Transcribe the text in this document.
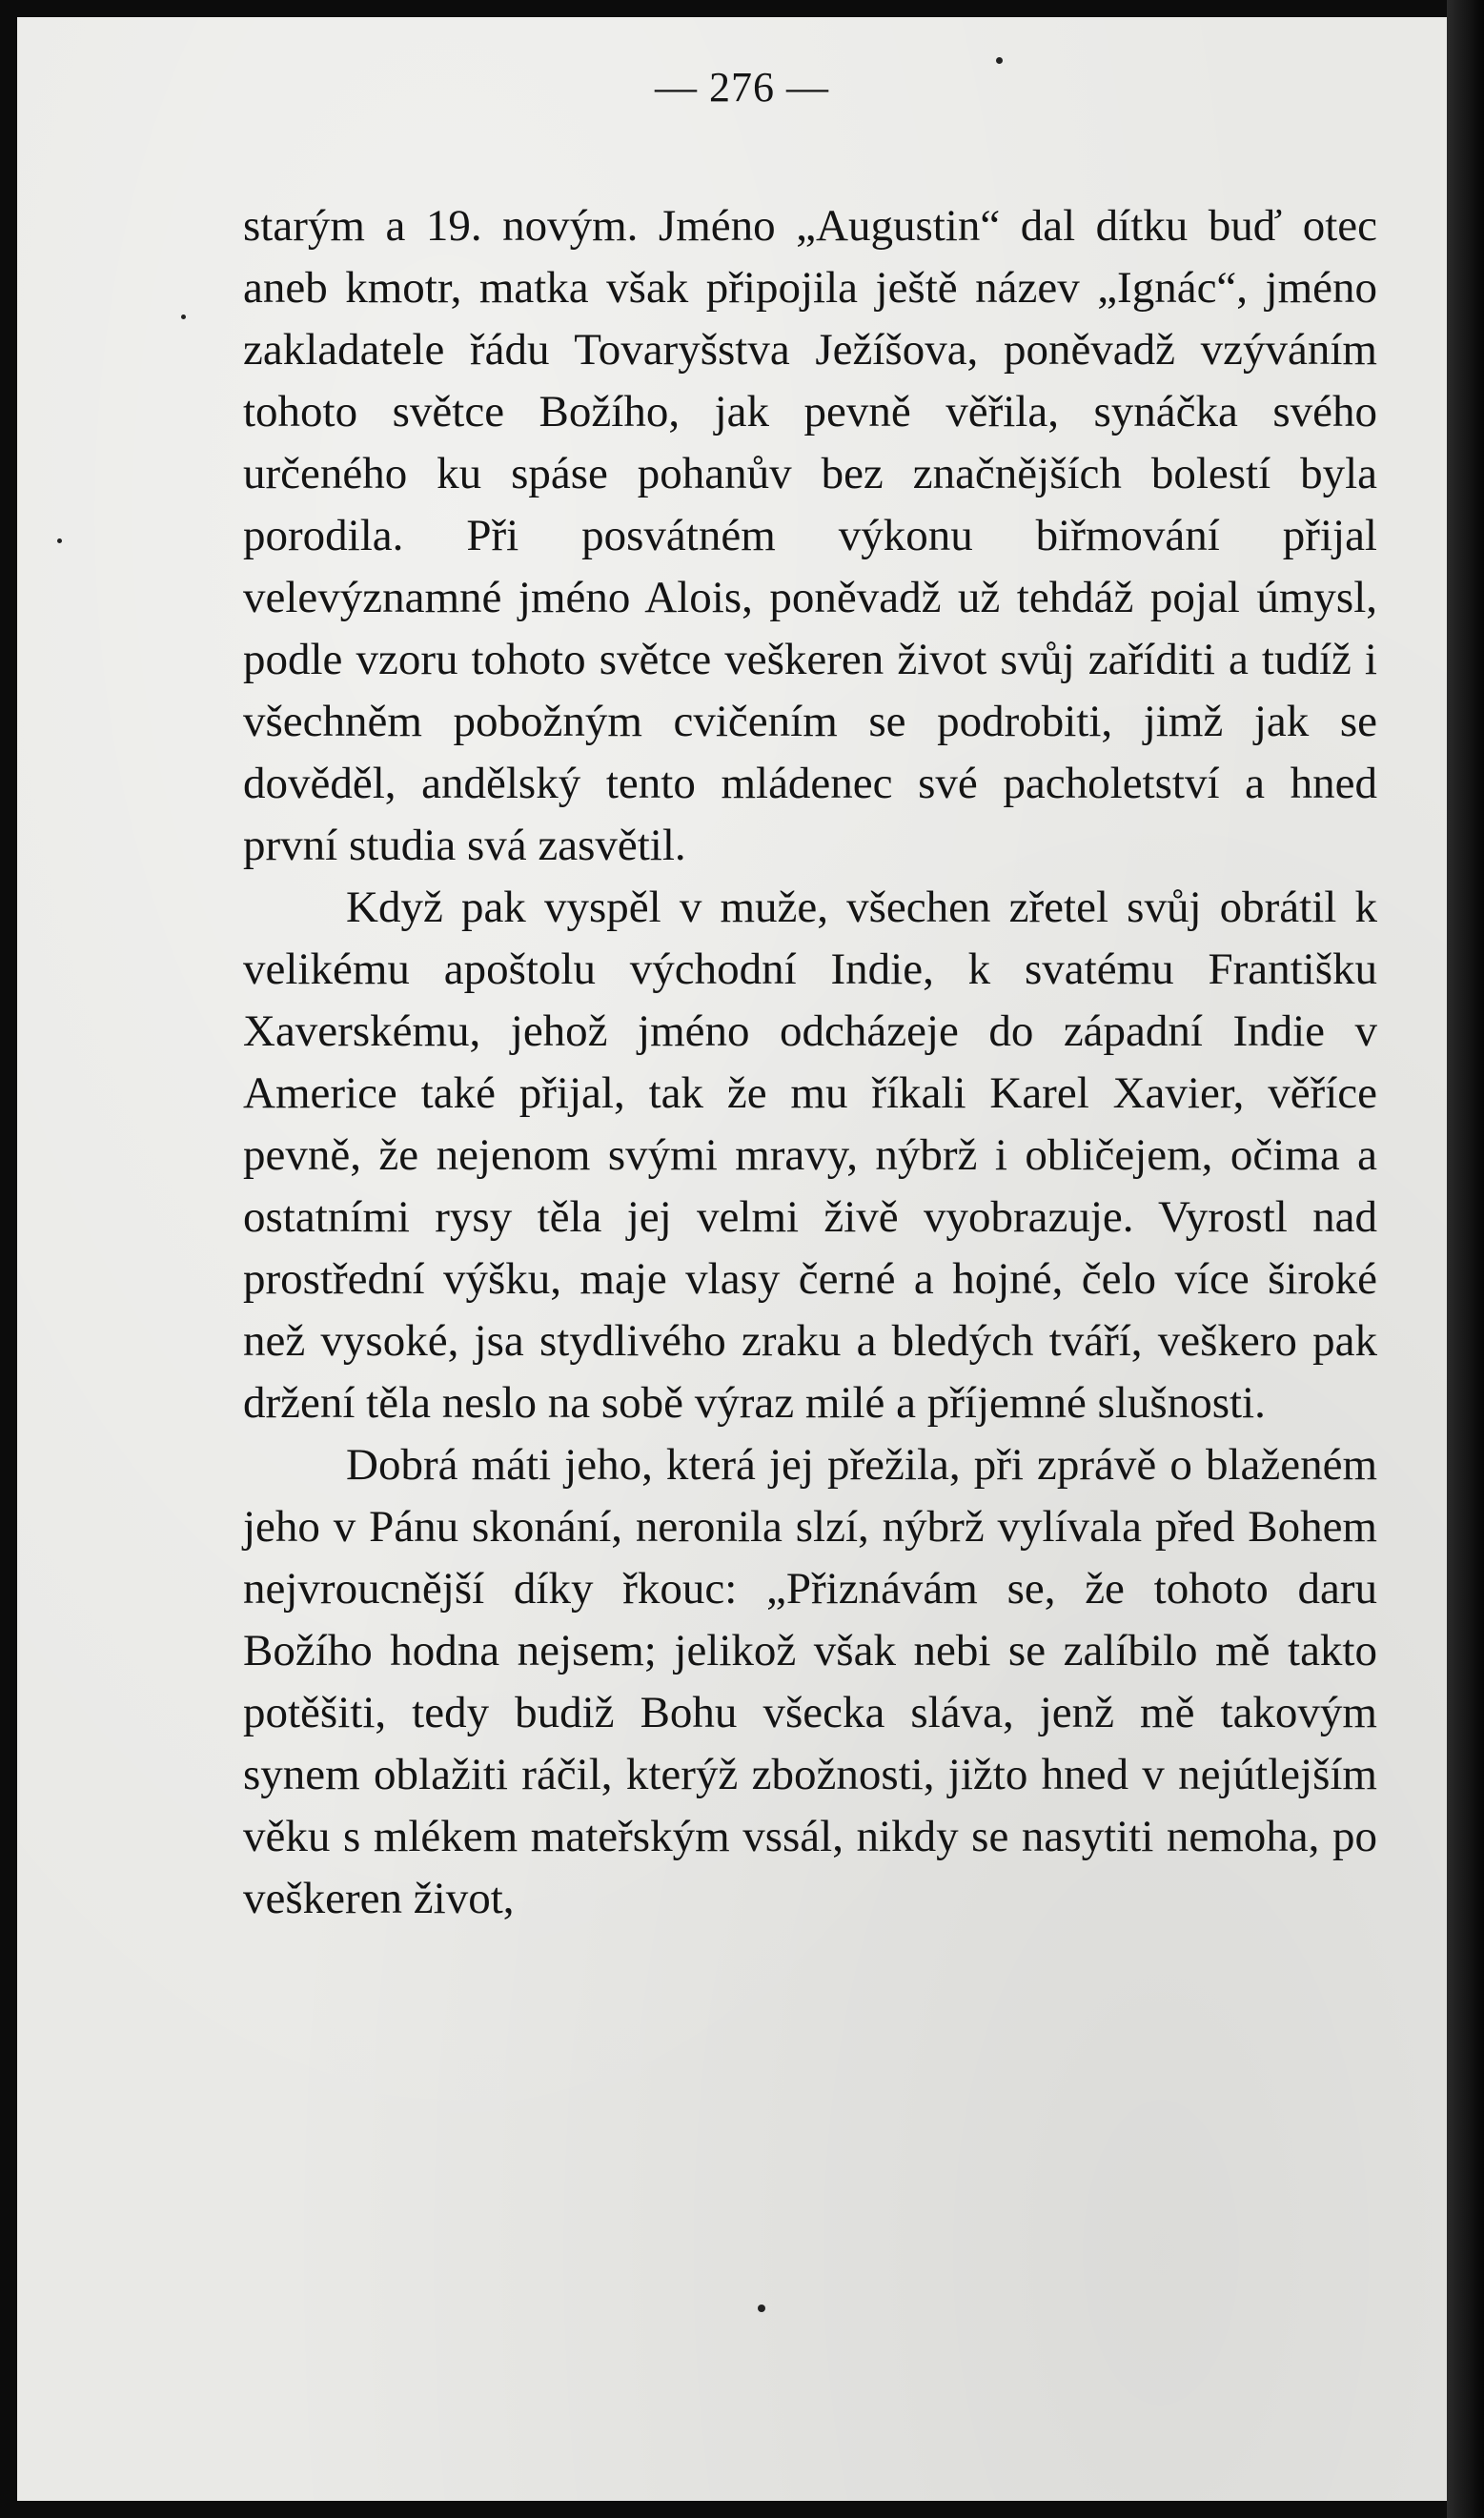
— 276 —

starým a 19. novým. Jméno „Augustin“ dal dítku buď otec aneb kmotr, matka však připojila ještě název „Ignác“, jméno zakladatele řádu Tovaryšstva Ježíšova, poněvadž vzýváním tohoto světce Božího, jak pevně věřila, synáčka svého určeného ku spáse pohanův bez značnějších bolestí byla porodila. Při posvátném výkonu biřmování přijal velevýznamné jméno Alois, poněvadž už tehdáž pojal úmysl, podle vzoru tohoto světce veškeren život svůj zaříditi a tudíž i všechněm pobožným cvičením se podrobiti, jimž jak se dověděl, andělský tento mládenec své pacholetství a hned první studia svá zasvětil.

Když pak vyspěl v muže, všechen zřetel svůj obrátil k velikému apoštolu východní Indie, k svatému Františku Xaverskému, jehož jméno odcházeje do západní Indie v Americe také přijal, tak že mu říkali Karel Xavier, věříce pevně, že nejenom svými mravy, nýbrž i obličejem, očima a ostatními rysy těla jej velmi živě vyobrazuje. Vyrostl nad prostřední výšku, maje vlasy černé a hojné, čelo více široké než vysoké, jsa stydlivého zraku a bledých tváří, veškero pak držení těla neslo na sobě výraz milé a příjemné slušnosti.

Dobrá máti jeho, která jej přežila, při zprávě o blaženém jeho v Pánu skonání, neronila slzí, nýbrž vylívala před Bohem nejvroucnější díky řkouc: „Přiznávám se, že tohoto daru Božího hodna nejsem; jelikož však nebi se zalíbilo mě takto potěšiti, tedy budiž Bohu všecka sláva, jenž mě takovým synem oblažiti ráčil, kterýž zbožnosti, jižto hned v nejútlejším věku s mlékem mateřským vssál, nikdy se nasytiti nemoha, po veškeren život,
